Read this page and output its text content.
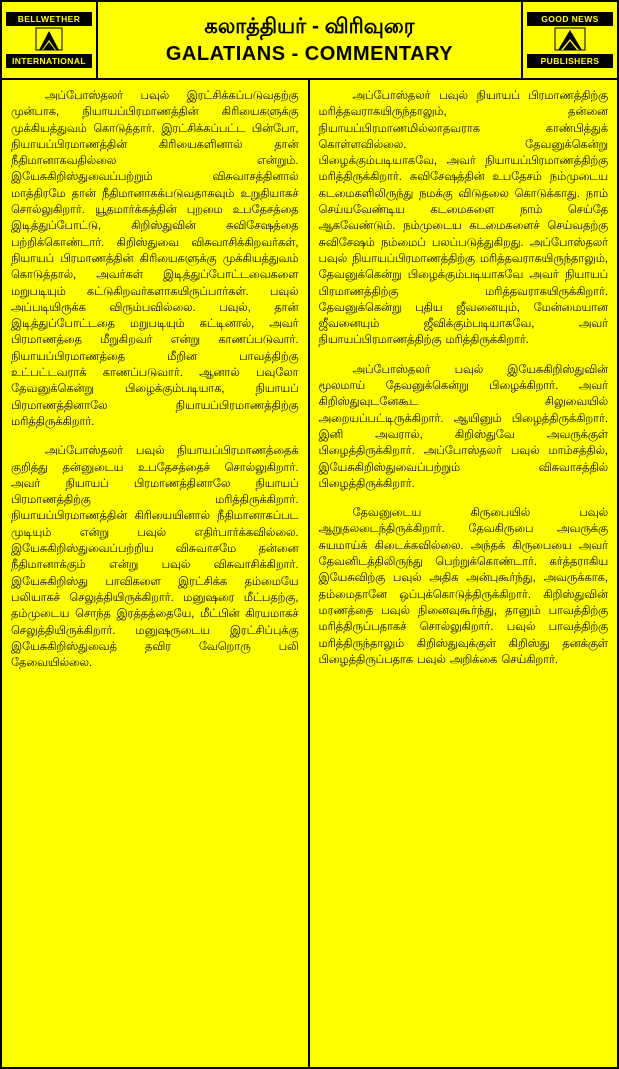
BELLWETHER
INTERNATIONAL
கலாத்தியர் - விரிவுரை
GALATIANS - COMMENTARY
GOOD NEWS
PUBLISHERS

அப்போஸ்தலர் பவுல் இரட்சிக்கப்படுவதற்கு முன்பாக, நியாயப்பிரமாணத்தின் கிரியைகளுக்கு முக்கியத்துவம் கொடுத்தார். இரட்சிக்கப்பட்ட பின்போ, நியாயப்பிரமாணத்தின் கிரியைகளினால் தான் நீதிமானாகவதில்லை என்றும். இயேசுகிறிஸ்துவைப்பற்றும் விசுவாசத்தினால் மாத்திரமே தான் நீதிமானாகக்படுவதாகவும் உறுதியாகச் சொல்லுகிறார். யூதமார்க்கத்தின் புறமை உபதேசத்தை இடித்துப்போட்டு, கிறிஸ்துவின் சுவிசேஷத்தை பற்றிக்கொண்டார். கிறிஸ்துவை விசுவாசிக்கிறவர்கள், நியாயப் பிரமாணத்தின் கிரியைகளுக்கு முக்கியத்துவம் கொடுத்தால், அவர்கள் இடித்துப்போட்டவைகளை மறுபடியும் கட்டுகிறவர்களாகயிருப்பார்கள். பவுல் அப்படியிருக்க விரும்பவில்லை. பவுல், தான் இடித்துப்போட்டதை மறுபடியும் கட்டினால், அவர் பிரமாணத்தை மீறுகிறவர் என்று காணப்படுவார். நியாயப்பிரமாணத்தை மீறின பாவத்திற்கு உட்பட்டவராக் காணப்படுவார். ஆனால் பவுலோ தேவனுக்கென்று பிழைக்கும்படியாக, நியாயப் பிரமாணத்தினாலே நியாயப்பிரமாணத்திற்கு மரித்திருக்கிறார்.

அப்போஸ்தலர் பவுல் நியாயப்பிரமாணத்தைக் குறித்து தன்னுடைய உபதேசத்தைச் சொல்லுகிறார். அவர் நியாயப் பிரமாணத்தினாலே நியாயப் பிரமாணத்திற்கு மரித்திருக்கிறார். நியாயப்பிரமாணத்தின் கிரியையினால் நீதிமானாகப்பட முடியும் என்று பவுல் எதிர்பார்க்கவில்லை. இயேசுகிறிஸ்துவைப்பற்றிய விசுவாசமே தன்னை நீதிமானாக்கும் என்று பவுல் விசுவாசிக்கிறார். இயேசுகிறிஸ்து பாவிகளை இரட்சிக்க தம்மையே பலியாகச் செலுத்தியிருக்கிறார். மனுஷரை மீட்பதற்கு, தம்முடைய சொந்த இரத்தத்தையே, மீட்பின் கிரயமாகச் செலுத்தியிருக்கிறார். மனுஷருடைய இரட்சிப்புக்கு இயேசுகிறிஸ்துவைத் தவிர வேறொரு பலி தேவையில்லை.

அப்போஸ்தலர் பவுல் நியாயப் பிரமாணத்திற்கு மரித்தவராகயிருந்தாலும், தன்னை நியாயப்பிரமாணமில்லாதவராக காண்பித்துக் கொள்ளவில்லை. தேவனுக்கென்று பிழைக்கும்படியாகவே, அவர் நியாயப்பிரமாணத்திற்கு மரித்திருக்கிறார். சுவிசேஷத்தின் உபதேசம் நம்முடைய கடமைகளிலிருந்து நமக்கு விடுதலை கொடுக்காது. நாம் செய்யவேண்டிய கடமைகளை நாம் செய்தே ஆகவேண்டும். நம்முடைய கடமைகளைச் செய்வதற்கு சுவிசேஷம் நம்மைப் பலப்படுத்துகிறது. அப்போஸ்தலர் பவுல் நியாயப்பிரமாணத்திற்கு மரித்தவராகயிருந்தாலும், தேவனுக்கென்று பிழைக்கும்படியாகவே அவர் நியாயப் பிரமாணத்திற்கு மரித்தவராகயிருக்கிறார். தேவனுக்கென்று புதிய ஜீவனையும், மேன்மையான ஜீவனையும் ஜீவிக்கும்படியாகவே, அவர் நியாயப்பிரமாணத்திற்கு மரித்திருக்கிறார்.

அப்போஸ்தலர் பவுல் இயேசுகிறிஸ்துவின் மூலமாய் தேவனுக்கென்று பிழைக்கிறார். அவர் கிறிஸ்துவுடனேகூட சிலுவையில் அறையப்பட்டிருக்கிறார். ஆயினும் பிழைத்திருக்கிறார். இனி அவரால், கிறிஸ்துவே அவருக்குள் பிழைத்திருக்கிறார். அப்போஸ்தலர் பவுல் மாம்சத்தில், இயேசுகிறிஸ்துவைப்பற்றும் விசுவாசத்தில் பிழைத்திருக்கிறார்.

தேவனுடைய கிருபையில் பவுல் ஆறுதலடைந்திருக்கிறார். தேவகிருபை அவருக்கு சுயமாய்க் கிடைக்கவில்லை. அந்தக் கிருபையை அவர் தேவனிடத்திலிருந்து பெற்றுக்கொண்டார். கர்த்தராகிய இயேசுவிற்கு பவுல் அதிக அன்புகூர்ந்து, அவருக்காக, தம்மைதானே ஒப்புக்கொடுத்திருக்கிறார். கிறிஸ்துவின் மரணத்தை பவுல் நினைவுகூர்ந்து, தானும் பாவத்திற்கு மரித்திருப்பதாகச் சொல்லுகிறார். பவுல் பாவத்திற்கு மரித்திருந்தாலும் கிறிஸ்துவுக்குள் கிறிஸ்து தனக்குள் பிழைத்திருப்பதாக பவுல் அறிக்கை செய்கிறார்.
